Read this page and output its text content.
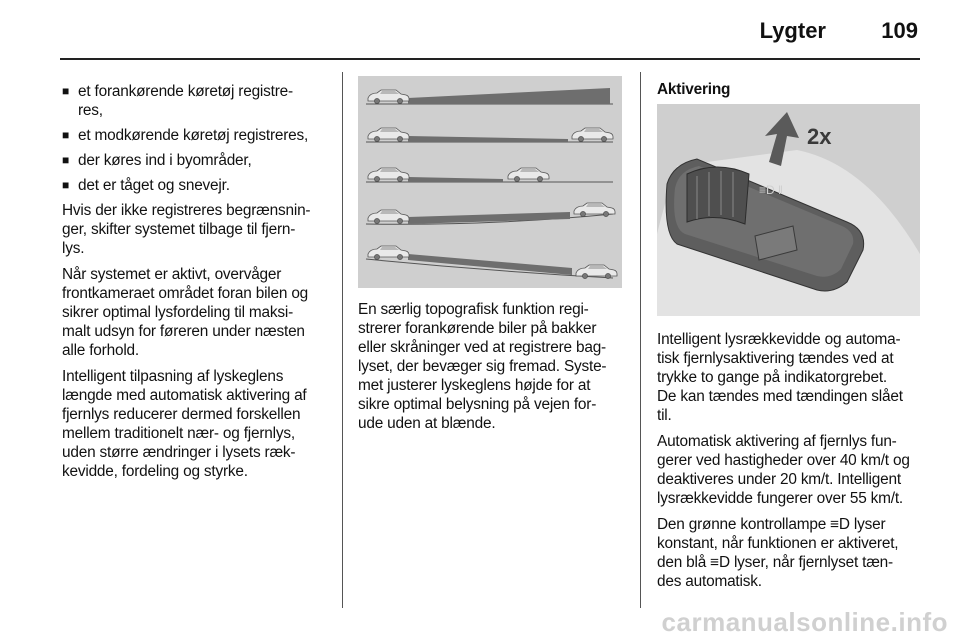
Lygter	109
■ et forankørende køretøj registre-
res,
■ et modkørende køretøj registreres,
■ der køres ind i byområder,
■ det er tåget og snevejr.

Hvis der ikke registreres begrænsnin-
ger, skifter systemet tilbage til fjern-
lys.

Når systemet er aktivt, overvåger
frontkameraet området foran bilen og
sikrer optimal lysfordeling til maksi-
malt udsyn for føreren under næsten
alle forhold.

Intelligent tilpasning af lyskeglens
længde med automatisk aktivering af
fjernlys reducerer dermed forskellen
mellem traditionelt nær- og fjernlys,
uden større ændringer i lysets ræk-
kevidde, fordeling og styrke.

En særlig topografisk funktion regi-
strerer forankørende biler på bakker
eller skråninger ved at registrere bag-
lyset, der bevæger sig fremad. Syste-
met justerer lyskeglens højde for at
sikre optimal belysning på vejen for-
ude uden at blænde.

Aktivering

≡D ‖
2x

Intelligent lysrækkevidde og automa-
tisk fjernlysaktivering tændes ved at
trykke to gange på indikatorgrebet.
De kan tændes med tændingen slået
til.

Automatisk aktivering af fjernlys fun-
gerer ved hastigheder over 40 km/t og
deaktiveres under 20 km/t. Intelligent
lysrækkevidde fungerer over 55 km/t.

Den grønne kontrollampe ≡D lyser
konstant, når funktionen er aktiveret,
den blå ≡D lyser, når fjernlyset tæn-
des automatisk.

carmanualsonline.info
